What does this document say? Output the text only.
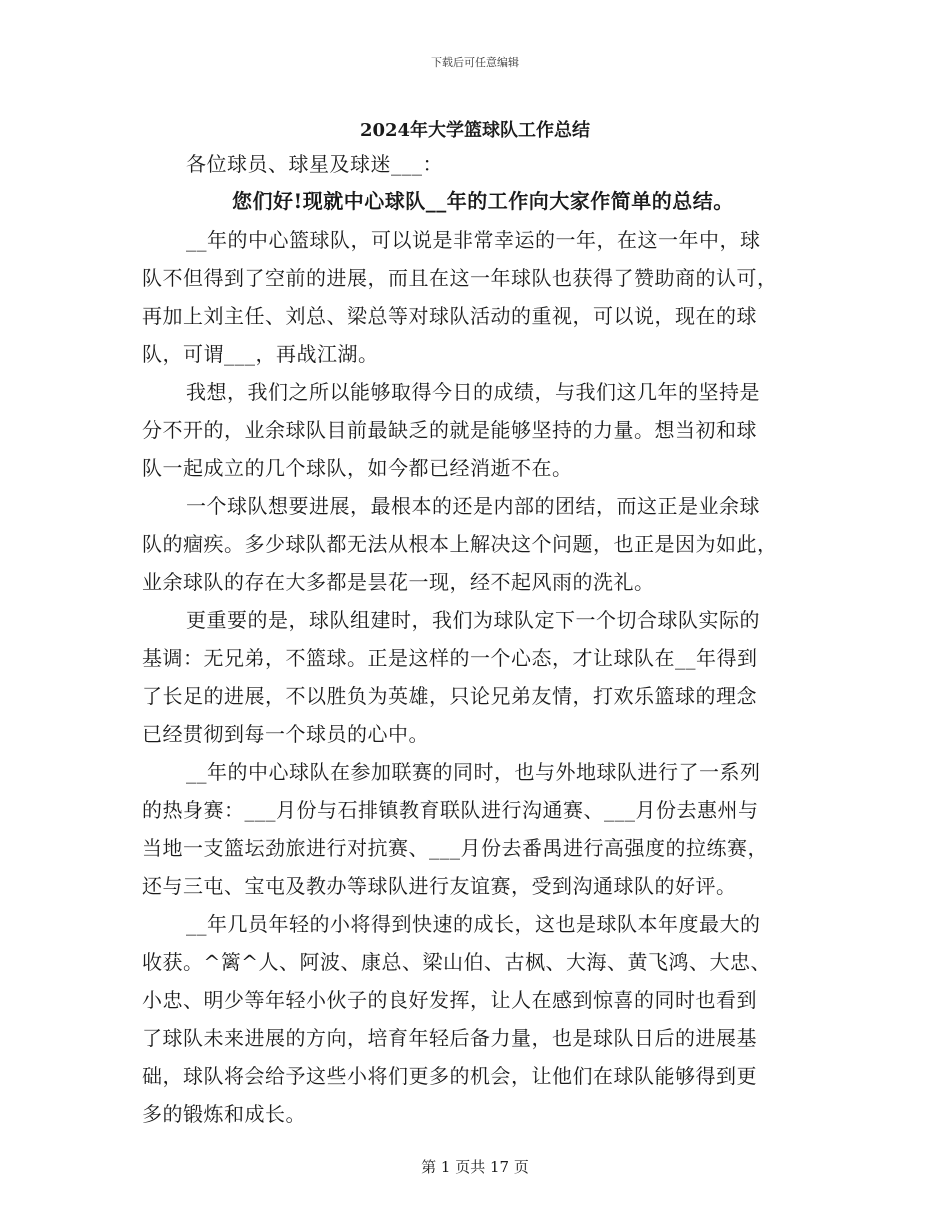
下载后可任意编辑
2024年大学篮球队工作总结
各位球员、球星及球迷___：
您们好!现就中心球队__年的工作向大家作简单的总结。
__年的中心篮球队，可以说是非常幸运的一年，在这一年中，球
队不但得到了空前的进展，而且在这一年球队也获得了赞助商的认可，
再加上刘主任、刘总、梁总等对球队活动的重视，可以说，现在的球
队，可谓___，再战江湖。
我想，我们之所以能够取得今日的成绩，与我们这几年的坚持是
分不开的，业余球队目前最缺乏的就是能够坚持的力量。想当初和球
队一起成立的几个球队，如今都已经消逝不在。
一个球队想要进展，最根本的还是内部的团结，而这正是业余球
队的痼疾。多少球队都无法从根本上解决这个问题，也正是因为如此，
业余球队的存在大多都是昙花一现，经不起风雨的洗礼。
更重要的是，球队组建时，我们为球队定下一个切合球队实际的
基调：无兄弟，不篮球。正是这样的一个心态，才让球队在__年得到
了长足的进展，不以胜负为英雄，只论兄弟友情，打欢乐篮球的理念
已经贯彻到每一个球员的心中。
__年的中心球队在参加联赛的同时，也与外地球队进行了一系列
的热身赛：___月份与石排镇教育联队进行沟通赛、___月份去惠州与
当地一支篮坛劲旅进行对抗赛、___月份去番禺进行高强度的拉练赛，
还与三屯、宝屯及教办等球队进行友谊赛，受到沟通球队的好评。
__年几员年轻的小将得到快速的成长，这也是球队本年度最大的
收获。^篱^人、阿波、康总、梁山伯、古枫、大海、黄飞鸿、大忠、
小忠、明少等年轻小伙子的良好发挥，让人在感到惊喜的同时也看到
了球队未来进展的方向，培育年轻后备力量，也是球队日后的进展基
础，球队将会给予这些小将们更多的机会，让他们在球队能够得到更
多的锻炼和成长。
第 1 页共 17 页
